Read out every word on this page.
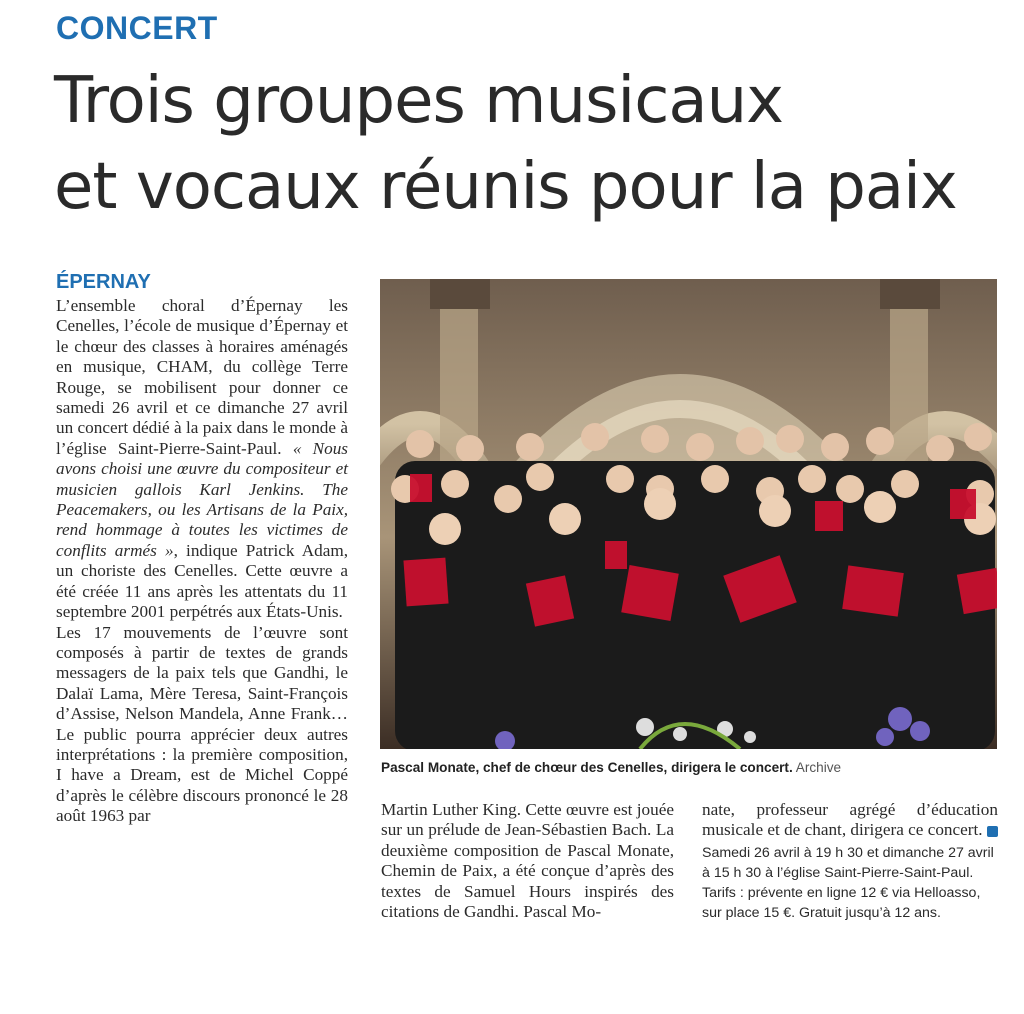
CONCERT
Trois groupes musicaux
et vocaux réunis pour la paix
ÉPERNAY

L’ensemble choral d’Épernay les Cenelles, l’école de musique d’Épernay et le chœur des classes à horaires aménagés en musique, CHAM, du collège Terre Rouge, se mobilisent pour donner ce samedi 26 avril et ce dimanche 27 avril un concert dédié à la paix dans le monde à l’église Saint-Pierre-Saint-Paul. « Nous avons choisi une œuvre du compositeur et musicien gallois Karl Jenkins. The Peacemakers, ou les Artisans de la Paix, rend hommage à toutes les victimes de conflits armés », indique Patrick Adam, un choriste des Cenelles. Cette œuvre a été créée 11 ans après les attentats du 11 septembre 2001 perpétrés aux États-Unis.

Les 17 mouvements de l’œuvre sont composés à partir de textes de grands messagers de la paix tels que Gandhi, le Dalaï Lama, Mère Teresa, Saint-François d’Assise, Nelson Mandela, Anne Frank… Le public pourra apprécier deux autres interprétations : la première composition, I have a Dream, est de Michel Coppé d’après le célèbre discours prononcé le 28 août 1963 par

Pascal Monate, chef de chœur des Cenelles, dirigera le concert. Archive

Martin Luther King. Cette œuvre est jouée sur un prélude de Jean-Sébastien Bach. La deuxième composition de Pascal Monate, Chemin de Paix, a été conçue d’après des textes de Samuel Hours inspirés des citations de Gandhi. Pascal Mo-

nate, professeur agrégé d’éducation musicale et de chant, dirigera ce concert.

Samedi 26 avril à 19 h 30 et dimanche 27 avril à 15 h 30 à l’église Saint-Pierre-Saint-Paul.
Tarifs : prévente en ligne 12 € via Helloasso, sur place 15 €. Gratuit jusqu’à 12 ans.
